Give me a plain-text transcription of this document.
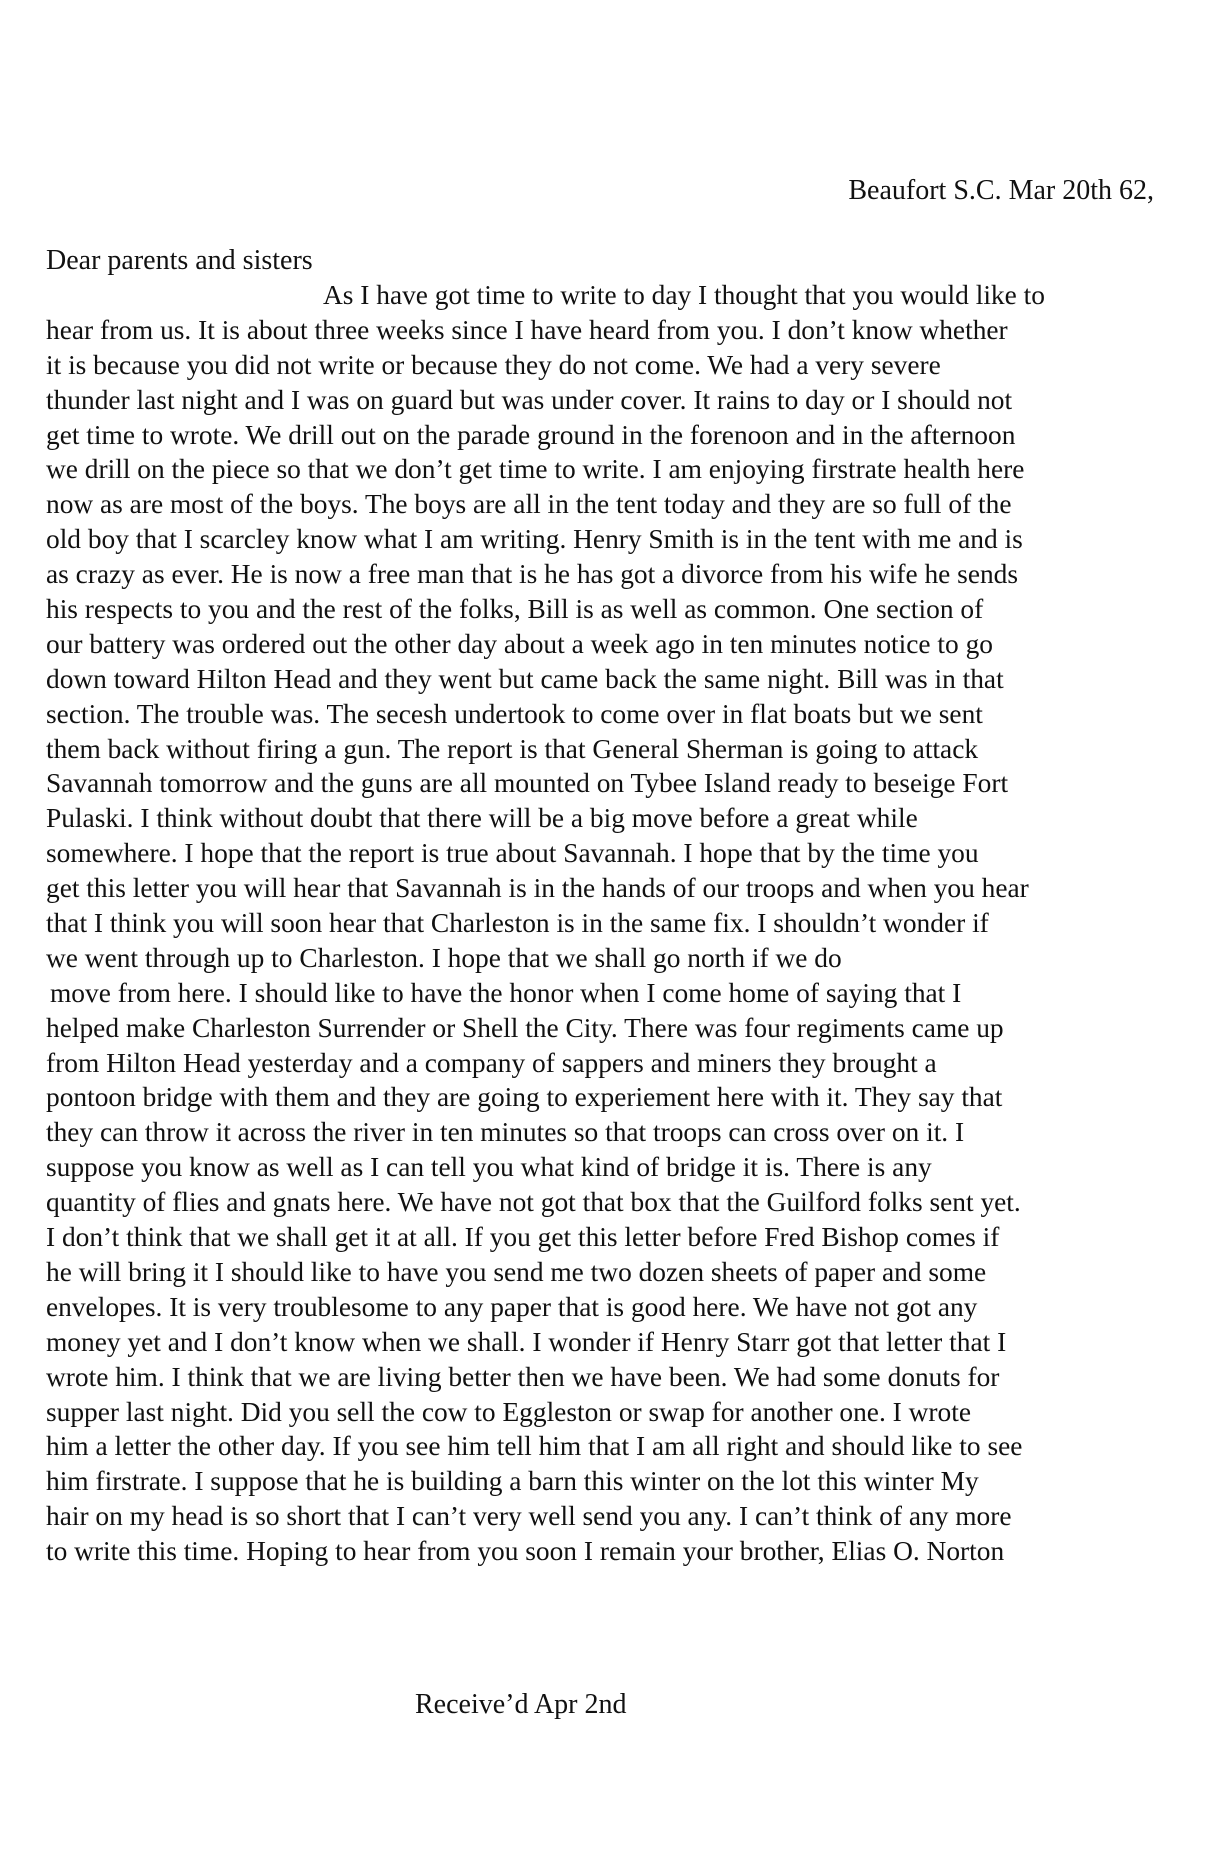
Beaufort S.C. Mar 20th 62,
Dear parents and sisters
As I have got time to write to day I thought that you would like to
hear from us. It is about three weeks since I have heard from you. I don’t know whether
it is because you did not write or because they do not come. We had a very severe
thunder last night and I was on guard but was under cover. It rains to day or I should not
get time to wrote. We drill out on the parade ground in the forenoon and in the afternoon
we drill on the piece so that we don’t get time to write. I am enjoying firstrate health here
now as are most of the boys. The boys are all in the tent today and they are so full of the
old boy that I scarcley know what I am writing. Henry Smith is in the tent with me and is
as crazy as ever. He is now a free man that is he has got a divorce from his wife he sends
his respects to you and the rest of the folks, Bill is as well as common. One section of
our battery was ordered out the other day about a week ago in ten minutes notice to go
down toward Hilton Head and they went but came back the same night. Bill was in that
section. The trouble was. The secesh undertook to come over in flat boats but we sent
them back without firing a gun. The report is that General Sherman is going to attack
Savannah tomorrow and the guns are all mounted on Tybee Island ready to beseige Fort
Pulaski. I think without doubt that there will be a big move before a great while
somewhere. I hope that the report is true about Savannah. I hope that by the time you
get this letter you will hear that Savannah is in the hands of our troops and when you hear
that I think you will soon hear that Charleston is in the same fix. I shouldn’t wonder if
we went through up to Charleston. I hope that we shall go north if we do
move from here. I should like to have the honor when I come home of saying that I
helped make Charleston Surrender or Shell the City. There was four regiments came up
from Hilton Head yesterday and a company of sappers and miners they brought a
pontoon bridge with them and they are going to experiement here with it. They say that
they can throw it across the river in ten minutes so that troops can cross over on it. I
suppose you know as well as I can tell you what kind of bridge it is. There is any
quantity of flies and gnats here. We have not got that box that the Guilford folks sent yet.
I don’t think that we shall get it at all. If you get this letter before Fred Bishop comes if
he will bring it I should like to have you send me two dozen sheets of paper and some
envelopes. It is very troublesome to any paper that is good here. We have not got any
money yet and I don’t know when we shall. I wonder if Henry Starr got that letter that I
wrote him. I think that we are living better then we have been. We had some donuts for
supper last night. Did you sell the cow to Eggleston or swap for another one. I wrote
him a letter the other day. If you see him tell him that I am all right and should like to see
him firstrate. I suppose that he is building a barn this winter on the lot this winter My
hair on my head is so short that I can’t very well send you any. I can’t think of any more
to write this time. Hoping to hear from you soon I remain your brother, Elias O. Norton
Receive’d Apr 2nd
